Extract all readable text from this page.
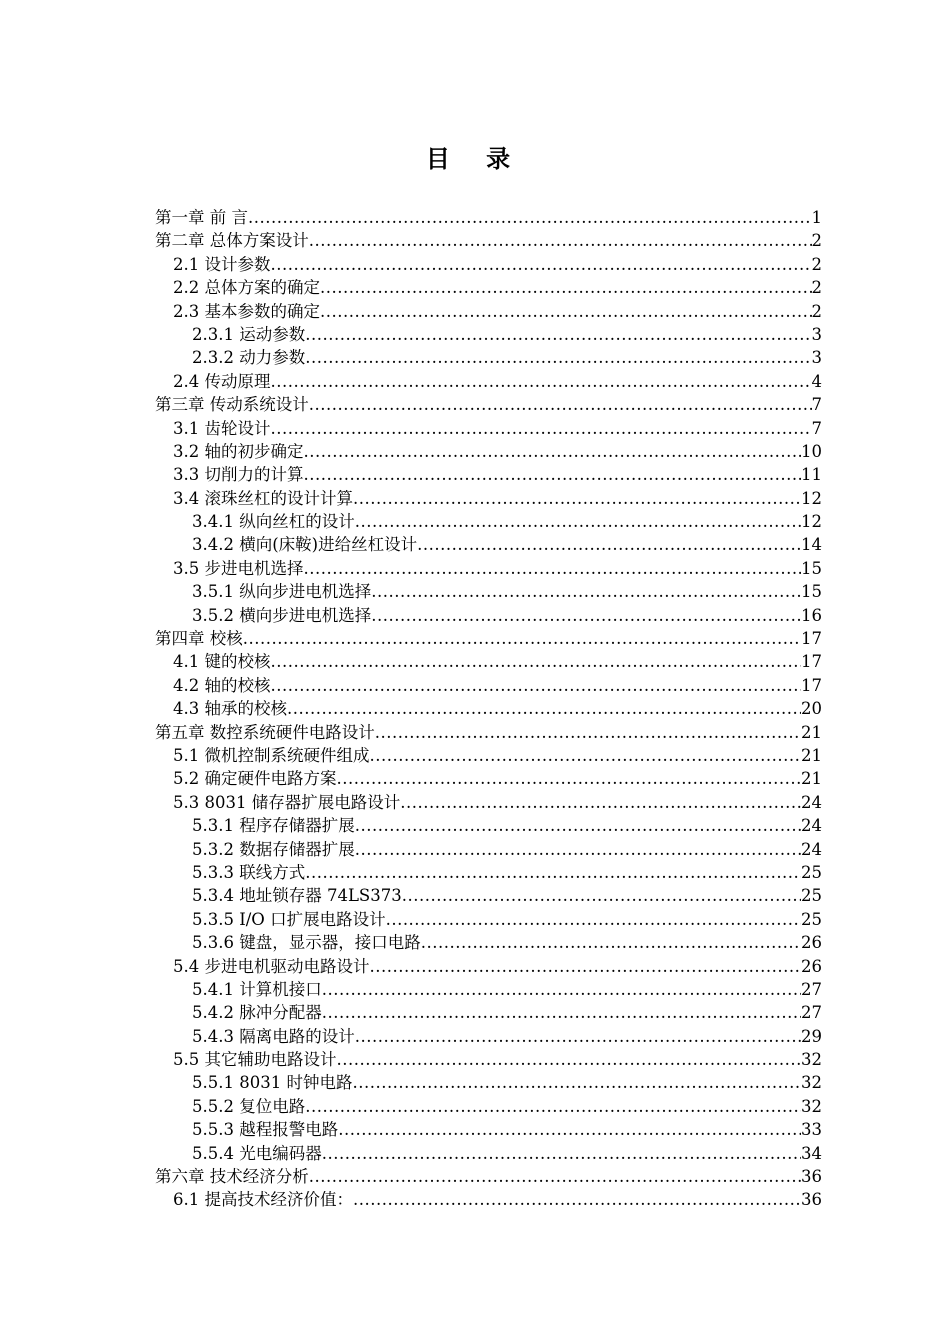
目 录
第一章 前 言 .....	1
第二章 总体方案设计 .....	2
2.1 设计参数 .....	2
2.2 总体方案的确定 .....	2
2.3 基本参数的确定 .....	2
2.3.1 运动参数 .....	3
2.3.2 动力参数 .....	3
2.4 传动原理 .....	4
第三章 传动系统设计 .....	7
3.1 齿轮设计 .....	7
3.2 轴的初步确定 .....	10
3.3 切削力的计算 .....	11
3.4 滚珠丝杠的设计计算 .....	12
3.4.1 纵向丝杠的设计 .....	12
3.4.2 横向(床鞍)进给丝杠设计 .....	14
3.5 步进电机选择 .....	15
3.5.1 纵向步进电机选择 .....	15
3.5.2 横向步进电机选择 .....	16
第四章 校核 .....	17
4.1 键的校核 .....	17
4.2 轴的校核 .....	17
4.3 轴承的校核 .....	20
第五章 数控系统硬件电路设计 .....	21
5.1 微机控制系统硬件组成 .....	21
5.2 确定硬件电路方案 .....	21
5.3 8031 储存器扩展电路设计 .....	24
5.3.1 程序存储器扩展 .....	24
5.3.2 数据存储器扩展 .....	24
5.3.3 联线方式 .....	25
5.3.4 地址锁存器 74LS373 .....	25
5.3.5 I/O 口扩展电路设计 .....	25
5.3.6 键盘，显示器，接口电路 .....	26
5.4 步进电机驱动电路设计 .....	26
5.4.1 计算机接口 .....	27
5.4.2 脉冲分配器 .....	27
5.4.3 隔离电路的设计 .....	29
5.5 其它辅助电路设计 .....	32
5.5.1 8031 时钟电路 .....	32
5.5.2 复位电路 .....	32
5.5.3 越程报警电路 .....	33
5.5.4 光电编码器 .....	34
第六章 技术经济分析 .....	36
6.1 提高技术经济价值： .....	36
